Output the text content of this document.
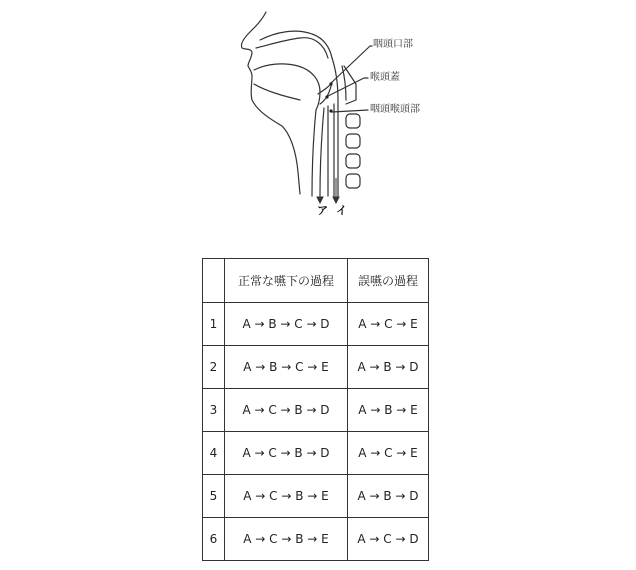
咽頭口部
喉頭蓋
咽頭喉頭部
ア イ
	正常な嚥下の過程	誤嚥の過程
1	A → B → C → D	A → C → E
2	A → B → C → E	A → B → D
3	A → C → B → D	A → B → E
4	A → C → B → D	A → C → E
5	A → C → B → E	A → B → D
6	A → C → B → E	A → C → D
